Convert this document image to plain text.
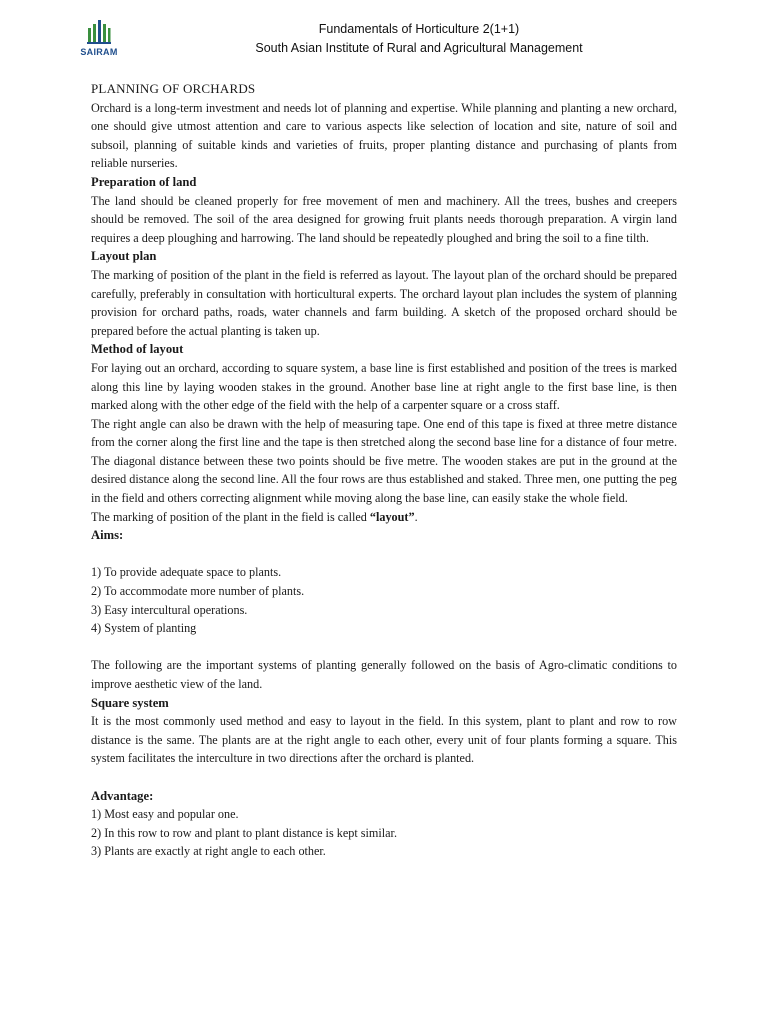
SAIRAM
Fundamentals of Horticulture 2(1+1)
South Asian Institute of Rural and Agricultural Management

PLANNING OF ORCHARDS

Orchard is a long-term investment and needs lot of planning and expertise. While planning and planting a new orchard, one should give utmost attention and care to various aspects like selection of location and site, nature of soil and subsoil, planning of suitable kinds and varieties of fruits, proper planting distance and purchasing of plants from reliable nurseries.

Preparation of land

The land should be cleaned properly for free movement of men and machinery. All the trees, bushes and creepers should be removed. The soil of the area designed for growing fruit plants needs thorough preparation. A virgin land requires a deep ploughing and harrowing. The land should be repeatedly ploughed and bring the soil to a fine tilth.

Layout plan

The marking of position of the plant in the field is referred as layout. The layout plan of the orchard should be prepared carefully, preferably in consultation with horticultural experts. The orchard layout plan includes the system of planning provision for orchard paths, roads, water channels and farm building. A sketch of the proposed orchard should be prepared before the actual planting is taken up.

Method of layout

For laying out an orchard, according to square system, a base line is first established and position of the trees is marked along this line by laying wooden stakes in the ground. Another base line at right angle to the first base line, is then marked along with the other edge of the field with the help of a carpenter square or a cross staff.

The right angle can also be drawn with the help of measuring tape. One end of this tape is fixed at three metre distance from the corner along the first line and the tape is then stretched along the second base line for a distance of four metre. The diagonal distance between these two points should be five metre. The wooden stakes are put in the ground at the desired distance along the second line. All the four rows are thus established and staked. Three men, one putting the peg in the field and others correcting alignment while moving along the base line, can easily stake the whole field.

The marking of position of the plant in the field is called “layout”.

Aims:

1) To provide adequate space to plants.
2) To accommodate more number of plants.
3) Easy intercultural operations.
4) System of planting

The following are the important systems of planting generally followed on the basis of Agro-climatic conditions to improve aesthetic view of the land.

Square system

It is the most commonly used method and easy to layout in the field. In this system, plant to plant and row to row distance is the same. The plants are at the right angle to each other, every unit of four plants forming a square. This system facilitates the interculture in two directions after the orchard is planted.

Advantage:

1) Most easy and popular one.
2) In this row to row and plant to plant distance is kept similar.
3) Plants are exactly at right angle to each other.
